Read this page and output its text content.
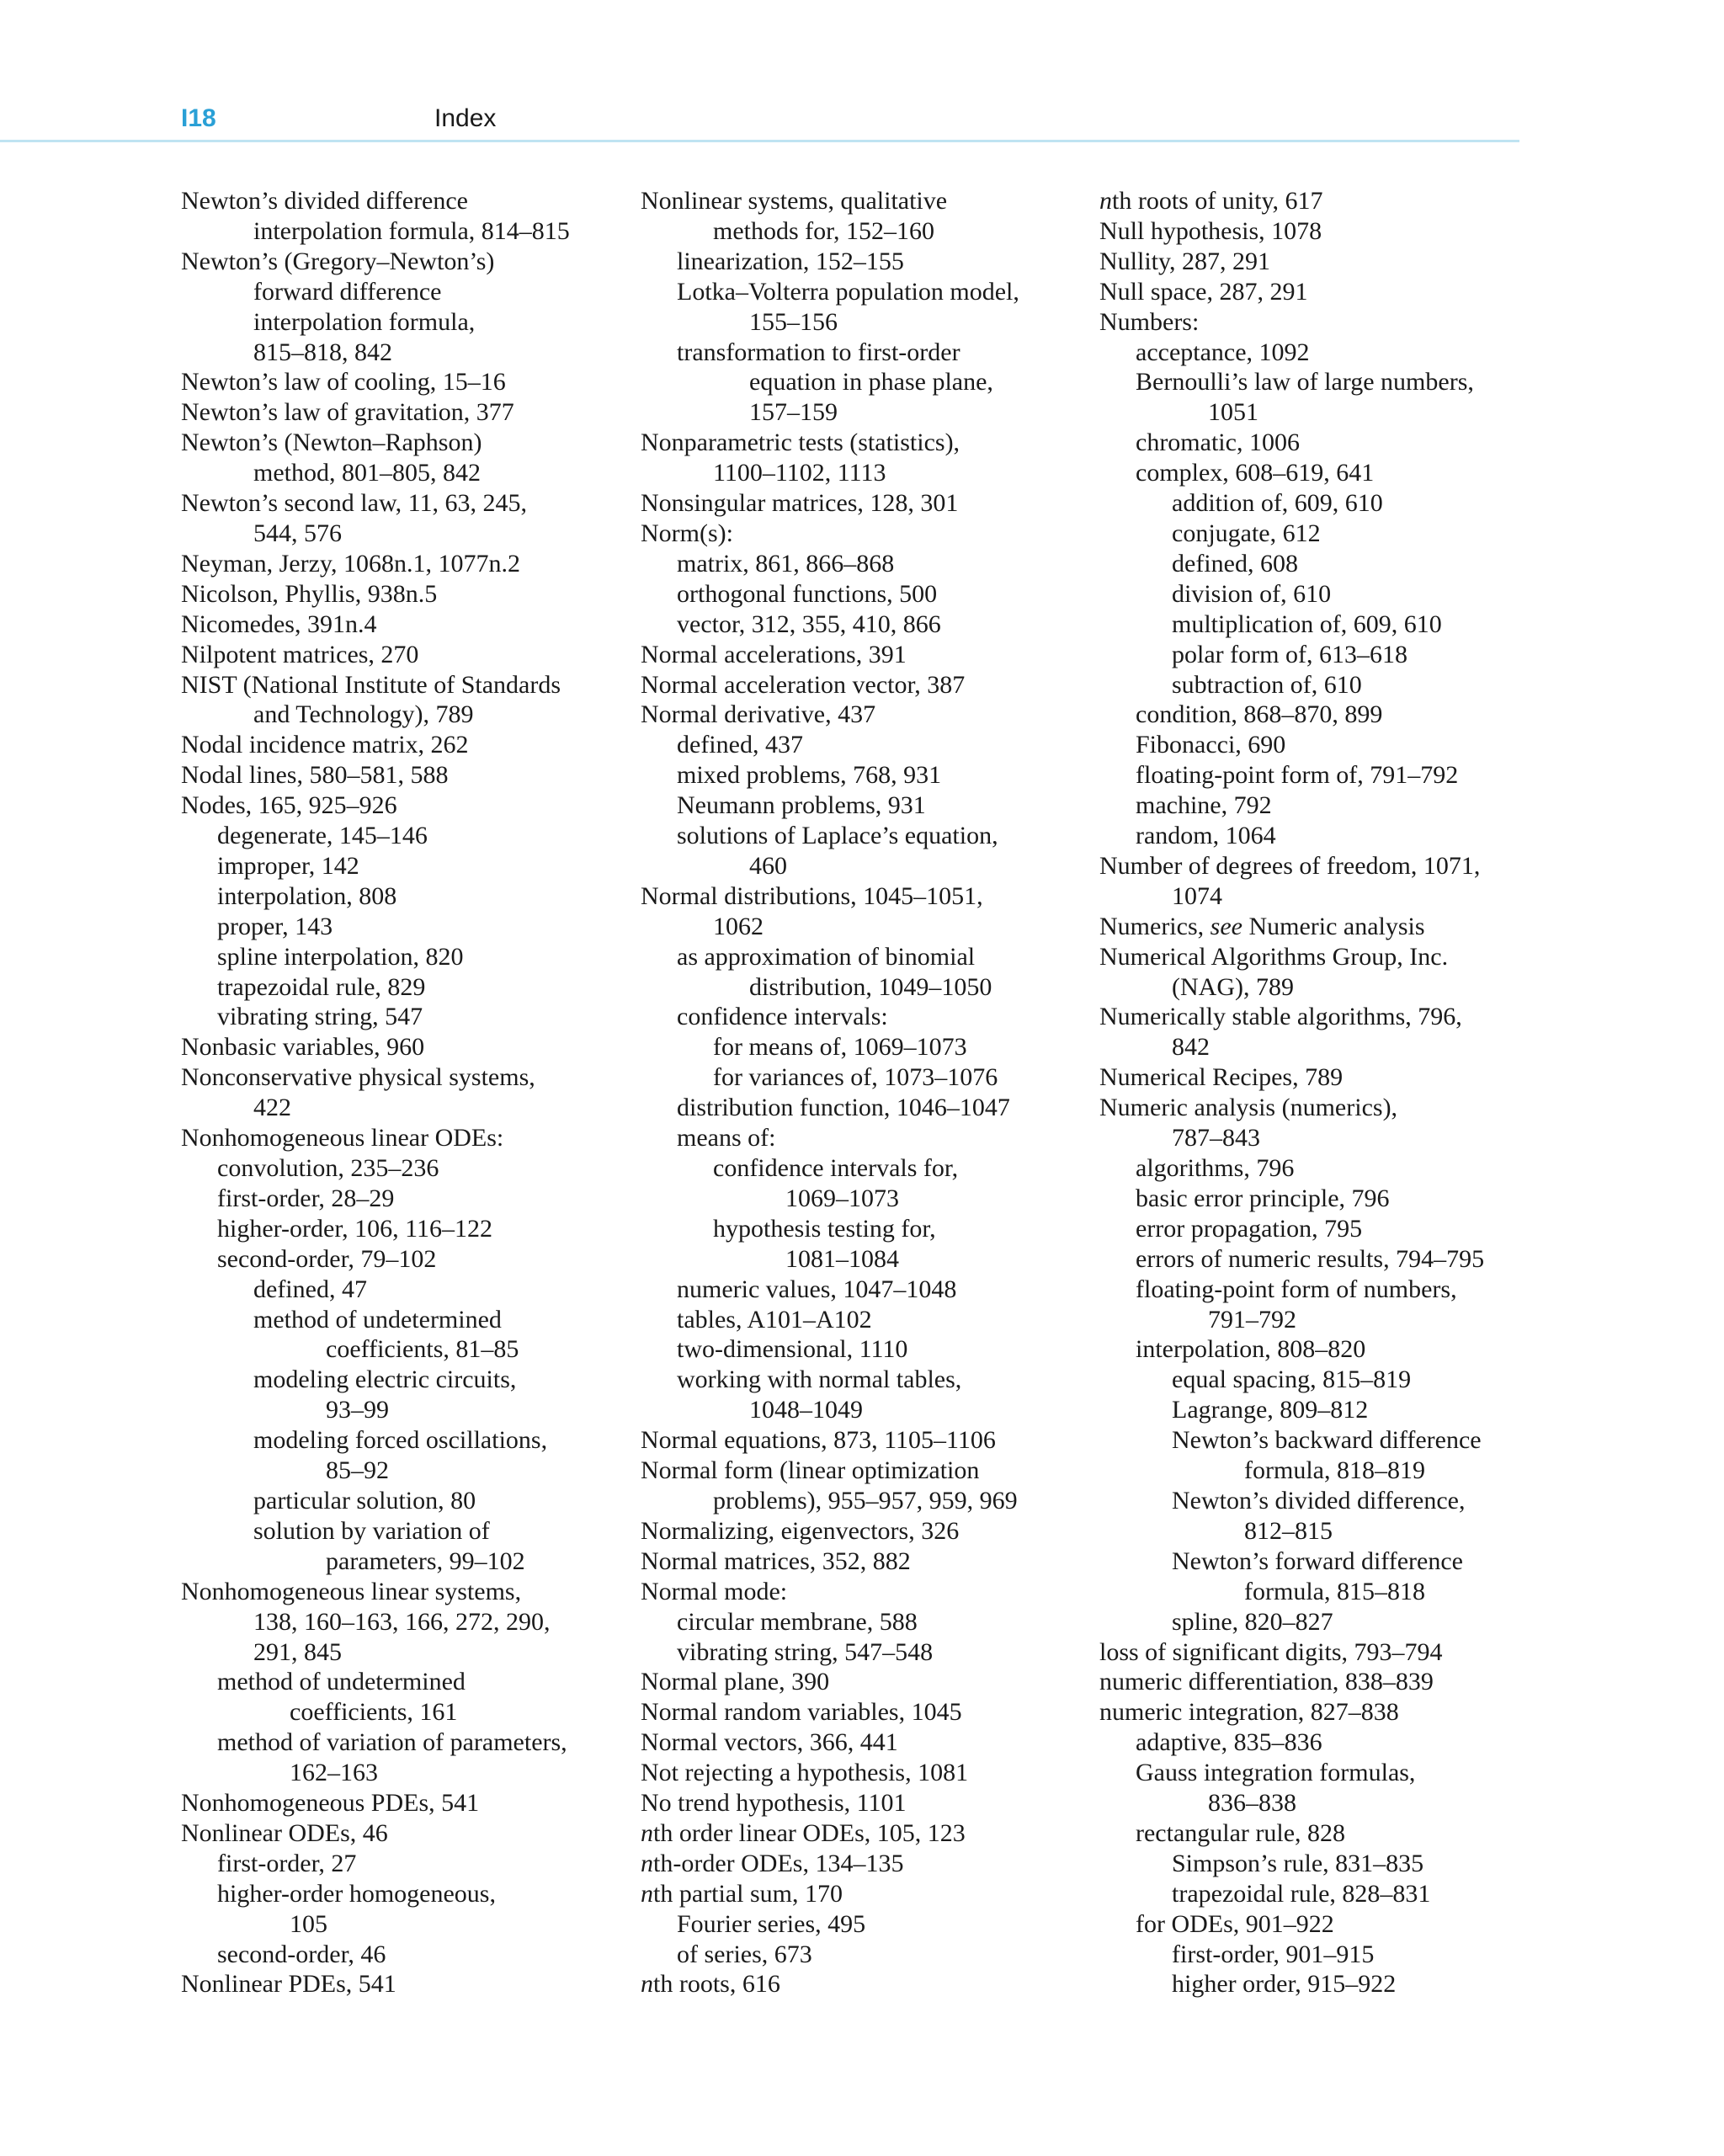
I18	Index
Newton’s divided difference
interpolation formula, 814–815
Newton’s (Gregory–Newton’s)
forward difference
interpolation formula,
815–818, 842
Newton’s law of cooling, 15–16
Newton’s law of gravitation, 377
Newton’s (Newton–Raphson)
method, 801–805, 842
Newton’s second law, 11, 63, 245,
544, 576
Neyman, Jerzy, 1068n.1, 1077n.2
Nicolson, Phyllis, 938n.5
Nicomedes, 391n.4
Nilpotent matrices, 270
NIST (National Institute of Standards
and Technology), 789
Nodal incidence matrix, 262
Nodal lines, 580–581, 588
Nodes, 165, 925–926
degenerate, 145–146
improper, 142
interpolation, 808
proper, 143
spline interpolation, 820
trapezoidal rule, 829
vibrating string, 547
Nonbasic variables, 960
Nonconservative physical systems,
422
Nonhomogeneous linear ODEs:
convolution, 235–236
first-order, 28–29
higher-order, 106, 116–122
second-order, 79–102
defined, 47
method of undetermined
coefficients, 81–85
modeling electric circuits,
93–99
modeling forced oscillations,
85–92
particular solution, 80
solution by variation of
parameters, 99–102
Nonhomogeneous linear systems,
138, 160–163, 166, 272, 290,
291, 845
method of undetermined
coefficients, 161
method of variation of parameters,
162–163
Nonhomogeneous PDEs, 541
Nonlinear ODEs, 46
first-order, 27
higher-order homogeneous,
105
second-order, 46
Nonlinear PDEs, 541
Nonlinear systems, qualitative
methods for, 152–160
linearization, 152–155
Lotka–Volterra population model,
155–156
transformation to first-order
equation in phase plane,
157–159
Nonparametric tests (statistics),
1100–1102, 1113
Nonsingular matrices, 128, 301
Norm(s):
matrix, 861, 866–868
orthogonal functions, 500
vector, 312, 355, 410, 866
Normal accelerations, 391
Normal acceleration vector, 387
Normal derivative, 437
defined, 437
mixed problems, 768, 931
Neumann problems, 931
solutions of Laplace’s equation,
460
Normal distributions, 1045–1051,
1062
as approximation of binomial
distribution, 1049–1050
confidence intervals:
for means of, 1069–1073
for variances of, 1073–1076
distribution function, 1046–1047
means of:
confidence intervals for,
1069–1073
hypothesis testing for,
1081–1084
numeric values, 1047–1048
tables, A101–A102
two-dimensional, 1110
working with normal tables,
1048–1049
Normal equations, 873, 1105–1106
Normal form (linear optimization
problems), 955–957, 959, 969
Normalizing, eigenvectors, 326
Normal matrices, 352, 882
Normal mode:
circular membrane, 588
vibrating string, 547–548
Normal plane, 390
Normal random variables, 1045
Normal vectors, 366, 441
Not rejecting a hypothesis, 1081
No trend hypothesis, 1101
nth order linear ODEs, 105, 123
nth-order ODEs, 134–135
nth partial sum, 170
Fourier series, 495
of series, 673
nth roots, 616
nth roots of unity, 617
Null hypothesis, 1078
Nullity, 287, 291
Null space, 287, 291
Numbers:
acceptance, 1092
Bernoulli’s law of large numbers,
1051
chromatic, 1006
complex, 608–619, 641
addition of, 609, 610
conjugate, 612
defined, 608
division of, 610
multiplication of, 609, 610
polar form of, 613–618
subtraction of, 610
condition, 868–870, 899
Fibonacci, 690
floating-point form of, 791–792
machine, 792
random, 1064
Number of degrees of freedom, 1071,
1074
Numerics, see Numeric analysis
Numerical Algorithms Group, Inc.
(NAG), 789
Numerically stable algorithms, 796,
842
Numerical Recipes, 789
Numeric analysis (numerics),
787–843
algorithms, 796
basic error principle, 796
error propagation, 795
errors of numeric results, 794–795
floating-point form of numbers,
791–792
interpolation, 808–820
equal spacing, 815–819
Lagrange, 809–812
Newton’s backward difference
formula, 818–819
Newton’s divided difference,
812–815
Newton’s forward difference
formula, 815–818
spline, 820–827
loss of significant digits, 793–794
numeric differentiation, 838–839
numeric integration, 827–838
adaptive, 835–836
Gauss integration formulas,
836–838
rectangular rule, 828
Simpson’s rule, 831–835
trapezoidal rule, 828–831
for ODEs, 901–922
first-order, 901–915
higher order, 915–922
